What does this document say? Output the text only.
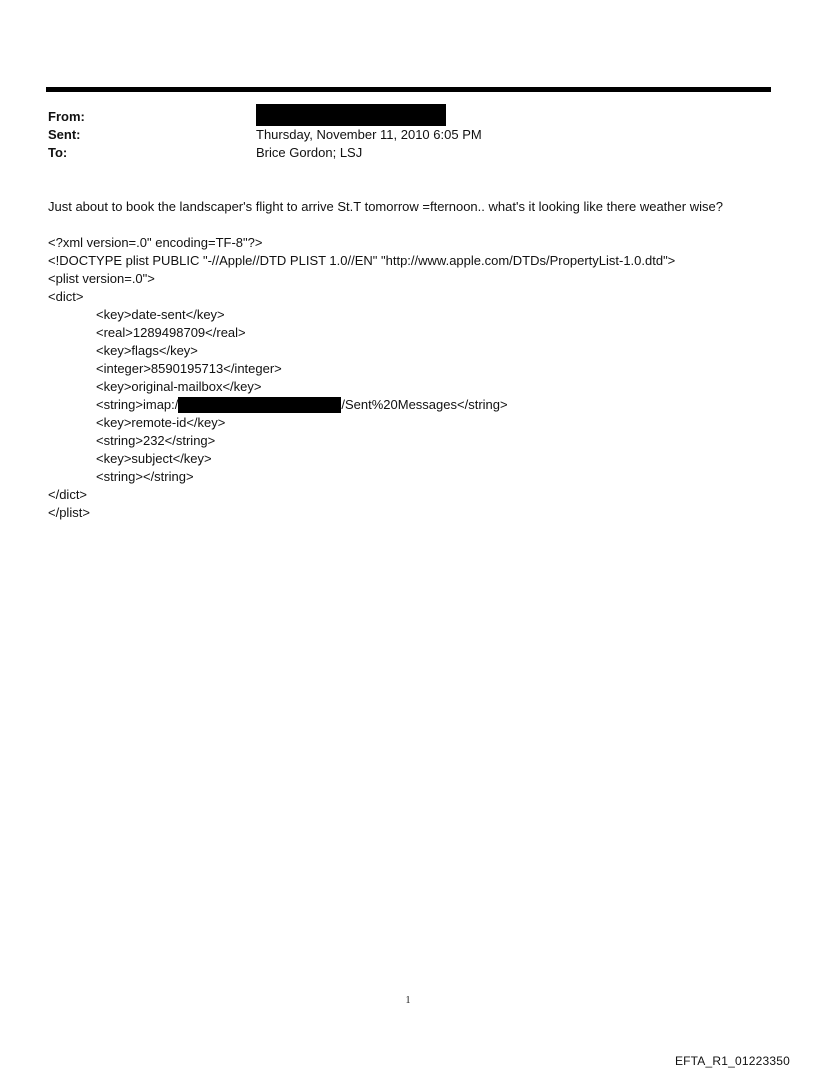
From:
Sent:	Thursday, November 11, 2010 6:05 PM
To:	Brice Gordon; LSJ
Just about to book the landscaper's flight to arrive St.T tomorrow =fternoon.. what's it looking like there weather wise?
<?xml version=.0" encoding=TF-8"?>
<!DOCTYPE plist PUBLIC "-//Apple//DTD PLIST 1.0//EN" "http://www.apple.com/DTDs/PropertyList-1.0.dtd">
<plist version=.0">
<dict>
<key>date-sent</key>
<real>1289498709</real>
<key>flags</key>
<integer>8590195713</integer>
<key>original-mailbox</key>
<string>imap:/	/Sent%20Messages</string>
<key>remote-id</key>
<string>232</string>
<key>subject</key>
<string></string>
</dict>
</plist>
1
EFTA_R1_01223350
